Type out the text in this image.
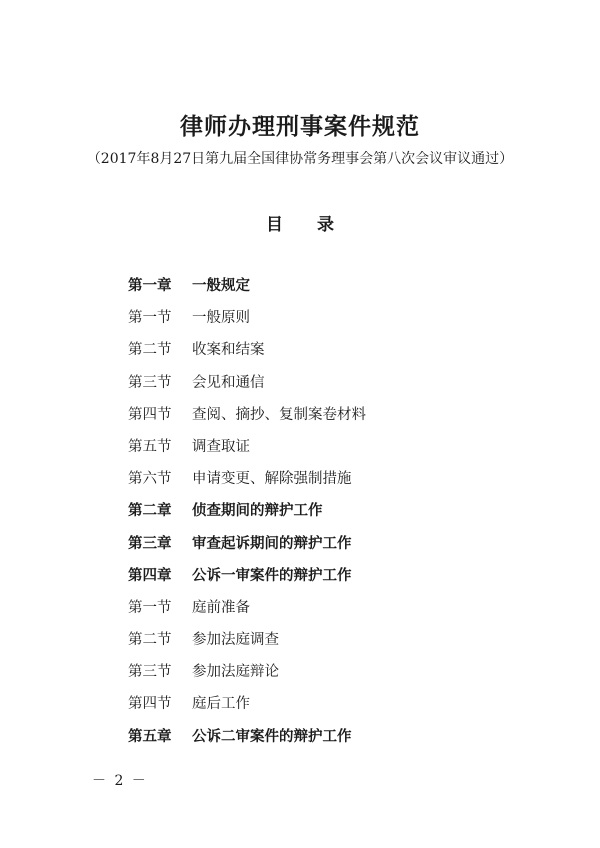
律师办理刑事案件规范
（2017年8月27日第九届全国律协常务理事会第八次会议审议通过）
目 录
第一章	一般规定
第一节	一般原则
第二节	收案和结案
第三节	会见和通信
第四节	查阅、摘抄、复制案卷材料
第五节	调查取证
第六节	申请变更、解除强制措施
第二章	侦查期间的辩护工作
第三章	审查起诉期间的辩护工作
第四章	公诉一审案件的辩护工作
第一节	庭前准备
第二节	参加法庭调查
第三节	参加法庭辩论
第四节	庭后工作
第五章	公诉二审案件的辩护工作
－ 2 －
